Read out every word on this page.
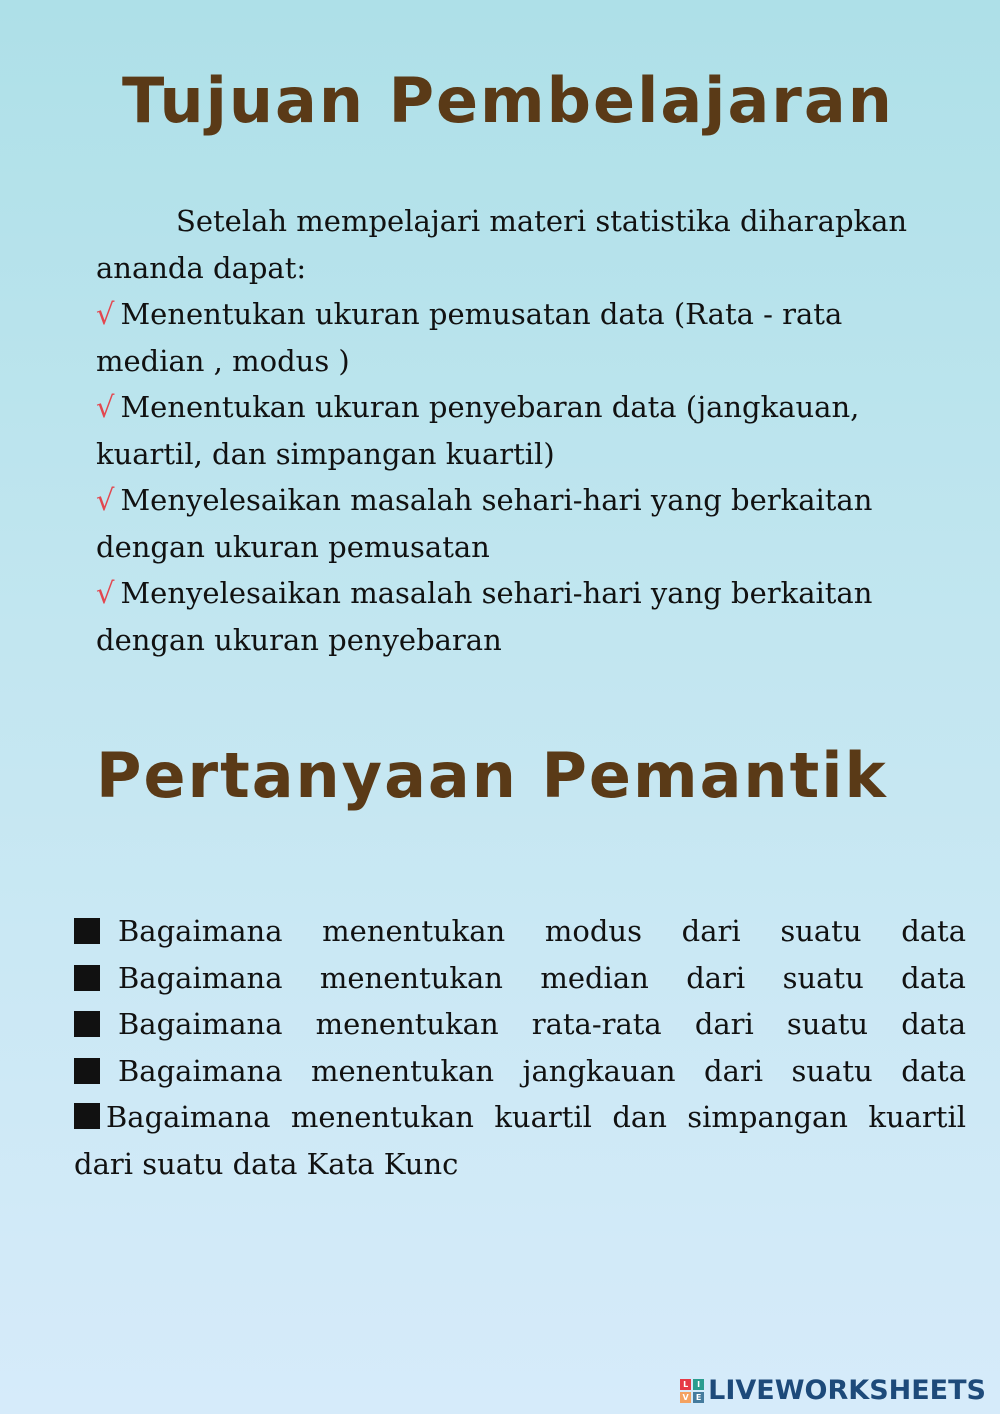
Tujuan Pembelajaran

Setelah mempelajari materi statistika diharapkan ananda dapat:

√ Menentukan ukuran pemusatan data (Rata - rata median , modus )

√ Menentukan ukuran penyebaran data (jangkauan, kuartil, dan simpangan kuartil)

√ Menyelesaikan masalah sehari-hari yang berkaitan dengan ukuran pemusatan

√ Menyelesaikan masalah sehari-hari yang berkaitan dengan ukuran penyebaran

Pertanyaan Pemantik
Bagaimana menentukan modus dari suatu data
Bagaimana menentukan median dari suatu data
Bagaimana menentukan rata-rata dari suatu data
Bagaimana menentukan jangkauan dari suatu data
Bagaimana menentukan kuartil dan simpangan kuartil dari suatu data Kata Kunc
L	I
V E LIVEWORKSHEETS
